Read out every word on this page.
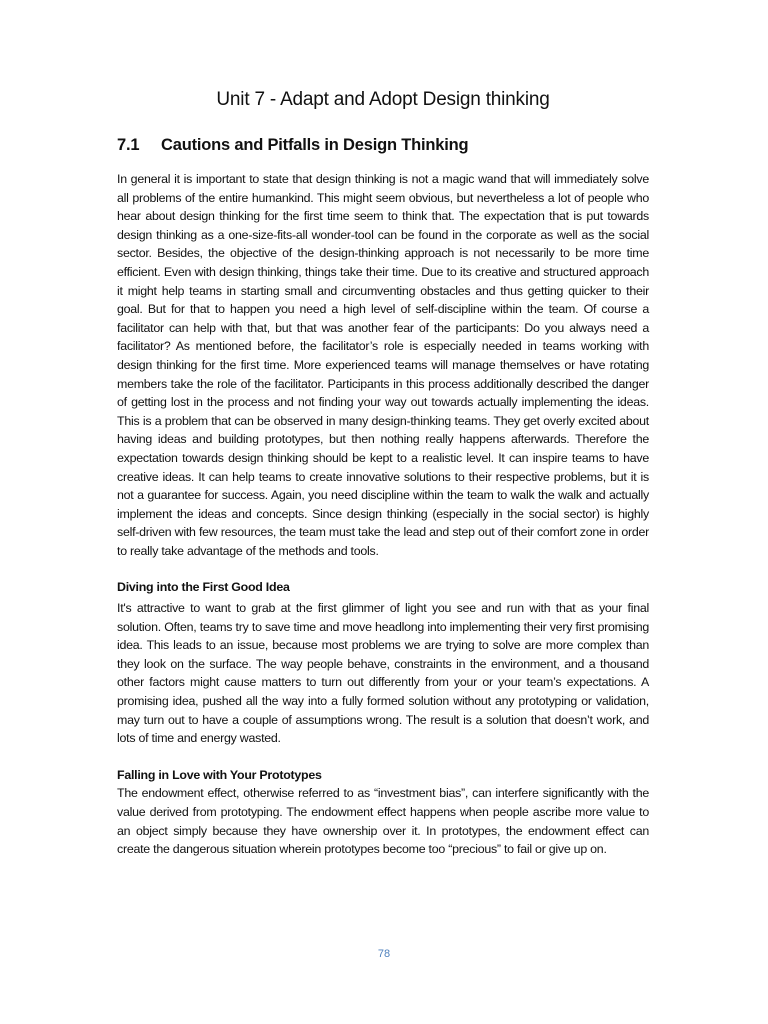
Unit 7 - Adapt and Adopt Design thinking
7.1	Cautions and Pitfalls in Design Thinking

In general it is important to state that design thinking is not a magic wand that will immediately solve all problems of the entire humankind. This might seem obvious, but nevertheless a lot of people who hear about design thinking for the first time seem to think that. The expectation that is put towards design thinking as a one-size-fits-all wonder-tool can be found in the corporate as well as the social sector. Besides, the objective of the design-thinking approach is not necessarily to be more time efficient. Even with design thinking, things take their time. Due to its creative and structured approach it might help teams in starting small and circumventing obstacles and thus getting quicker to their goal. But for that to happen you need a high level of self-discipline within the team. Of course a facilitator can help with that, but that was another fear of the participants: Do you always need a facilitator? As mentioned before, the facilitator’s role is especially needed in teams working with design thinking for the first time. More experienced teams will manage themselves or have rotating members take the role of the facilitator. Participants in this process additionally described the danger of getting lost in the process and not finding your way out towards actually implementing the ideas. This is a problem that can be observed in many design-thinking teams. They get overly excited about having ideas and building prototypes, but then nothing really happens afterwards. Therefore the expectation towards design thinking should be kept to a realistic level. It can inspire teams to have creative ideas. It can help teams to create innovative solutions to their respective problems, but it is not a guarantee for success. Again, you need discipline within the team to walk the walk and actually implement the ideas and concepts. Since design thinking (especially in the social sector) is highly self-driven with few resources, the team must take the lead and step out of their comfort zone in order to really take advantage of the methods and tools.

Diving into the First Good Idea

It's attractive to want to grab at the first glimmer of light you see and run with that as your final solution. Often, teams try to save time and move headlong into implementing their very first promising idea. This leads to an issue, because most problems we are trying to solve are more complex than they look on the surface. The way people behave, constraints in the environment, and a thousand other factors might cause matters to turn out differently from your or your team’s expectations. A promising idea, pushed all the way into a fully formed solution without any prototyping or validation, may turn out to have a couple of assumptions wrong. The result is a solution that doesn’t work, and lots of time and energy wasted.

Falling in Love with Your Prototypes

The endowment effect, otherwise referred to as “investment bias”, can interfere significantly with the value derived from prototyping. The endowment effect happens when people ascribe more value to an object simply because they have ownership over it. In prototypes, the endowment effect can create the dangerous situation wherein prototypes become too “precious” to fail or give up on.

78
